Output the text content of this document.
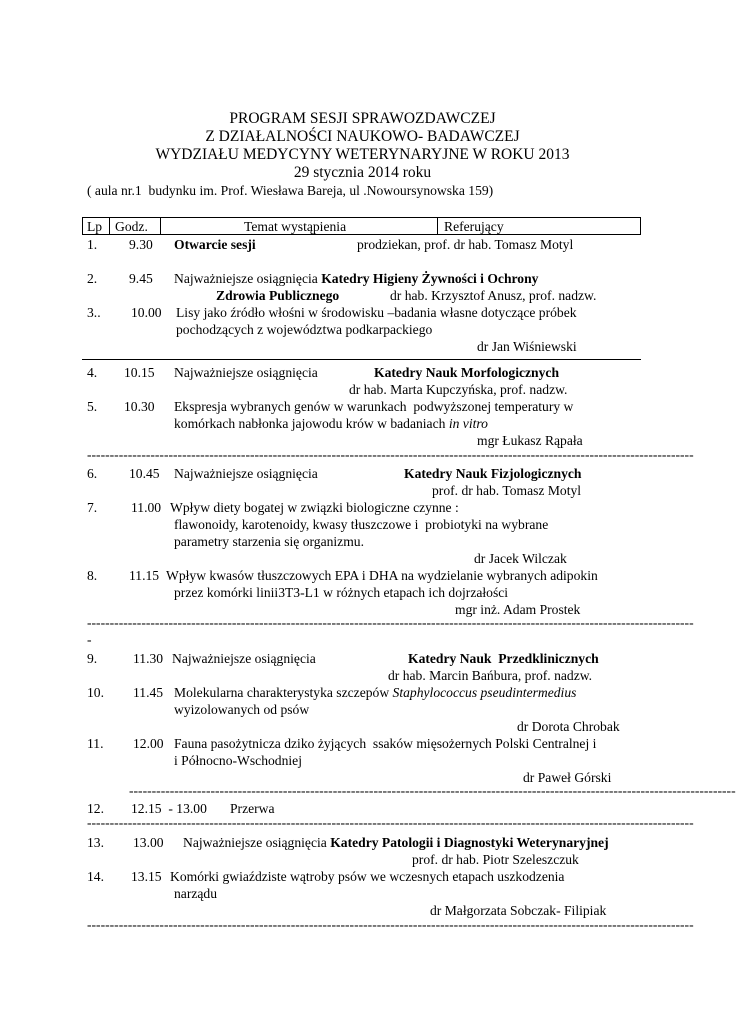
PROGRAM SESJI SPRAWOZDAWCZEJ
Z DZIAŁALNOŚCI NAUKOWO- BADAWCZEJ
WYDZIAŁU MEDYCYNY WETERYNARYJNE W ROKU 2013
29 stycznia 2014 roku
( aula nr.1  budynku im. Prof. Wiesława Bareja, ul .Nowoursynowska 159)
Lp Godz.	Temat wystąpienia	Referujący
1. 9.30 Otwarcie sesji	prodziekan, prof. dr hab. Tomasz Motyl
2. 9.45 Najważniejsze osiągnięcia Katedry Higieny Żywności i Ochrony
Zdrowia Publicznego	dr hab. Krzysztof Anusz, prof. nadzw.
3.. 10.00 Lisy jako źródło włośni w środowisku –badania własne dotyczące próbek
pochodzących z województwa podkarpackiego
dr Jan Wiśniewski
4. 10.15 Najważniejsze osiągnięcia	Katedry Nauk Morfologicznych
dr hab. Marta Kupczyńska, prof. nadzw.
5. 10.30 Ekspresja wybranych genów w warunkach  podwyższonej temperatury w
komórkach nabłonka jajowodu krów w badaniach in vitro
mgr Łukasz Rąpała
--------------------------------------------------------------------------------------------------------------------------------------
6. 10.45 Najważniejsze osiągnięcia	Katedry Nauk Fizjologicznych
prof. dr hab. Tomasz Motyl
7. 11.00 Wpływ diety bogatej w związki biologiczne czynne :
flawonoidy, karotenoidy, kwasy tłuszczowe i  probiotyki na wybrane
parametry starzenia się organizmu.
dr Jacek Wilczak
8. 11.15 Wpływ kwasów tłuszczowych EPA i DHA na wydzielanie wybranych adipokin
przez komórki linii3T3-L1 w różnych etapach ich dojrzałości
mgr inż. Adam Prostek
--------------------------------------------------------------------------------------------------------------------------------------
-
9.	11.30 Najważniejsze osiągnięcia	Katedry Nauk  Przedklinicznych
dr hab. Marcin Bańbura, prof. nadzw.
10. 11.45 Molekularna charakterystyka szczepów Staphylococcus pseudintermedius
wyizolowanych od psów
dr Dorota Chrobak
11. 12.00 Fauna pasożytnicza dziko żyjących  ssaków mięsożernych Polski Centralnej i
i Północno-Wschodniej
dr Paweł Górski
--------------------------------------------------------------------------------------------------------------------------------------
12. 12.15  - 13.00 Przerwa
--------------------------------------------------------------------------------------------------------------------------------------
13. 13.00 Najważniejsze osiągnięcia Katedry Patologii i Diagnostyki Weterynaryjnej
prof. dr hab. Piotr Szeleszczuk
14. 13.15 Komórki gwiaździste wątroby psów we wczesnych etapach uszkodzenia
narządu
dr Małgorzata Sobczak- Filipiak
--------------------------------------------------------------------------------------------------------------------------------------
